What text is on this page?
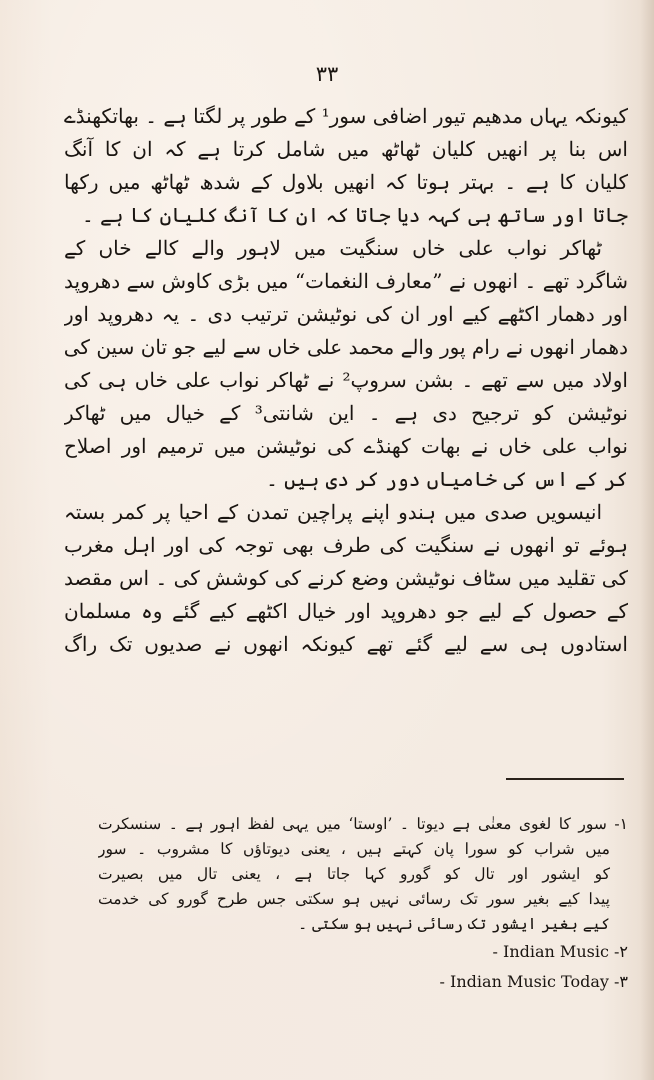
۳۳
کیونکہ یہاں مدھیم تیور اضافی سور¹ کے طور پر لگتا ہے ۔ بھاتکھنڈے
اس بنا پر انھیں کلیان ٹھاٹھ میں شامل کرتا ہے کہ ان کا آنگ
کلیان کا ہے ۔ بہتر ہوتا کہ انھیں بلاول کے شدھ ٹھاٹھ میں رکھا
جاتا اور ساتھ ہی کہہ دیا جاتا کہ ان کا آنگ کلیان کا ہے ۔
ٹھاکر نواب علی خاں سنگیت میں لاہور والے کالے خاں کے
شاگرد تھے ۔ انھوں نے ”معارف النغمات“ میں بڑی کاوش سے دھروپد
اور دھمار اکٹھے کیے اور ان کی نوٹیشن ترتیب دی ۔ یہ دھروپد اور
دھمار انھوں نے رام پور والے محمد علی خاں سے لیے جو تان سین کی
اولاد میں سے تھے ۔ بشن سروپ² نے ٹھاکر نواب علی خاں ہی کی
نوٹیشن کو ترجیح دی ہے ۔ این شانتی³ کے خیال میں ٹھاکر
نواب علی خاں نے بھات کھنڈے کی نوٹیشن میں ترمیم اور اصلاح
کر کے اس کی خامیاں دور کر دی ہیں ۔
انیسویں صدی میں ہندو اپنے پراچین تمدن کے احیا پر کمر بستہ
ہوئے تو انھوں نے سنگیت کی طرف بھی توجہ کی اور اہل مغرب
کی تقلید میں سٹاف نوٹیشن وضع کرنے کی کوشش کی ۔ اس مقصد
کے حصول کے لیے جو دھروپد اور خیال اکٹھے کیے گئے وہ مسلمان
استادوں ہی سے لیے گئے تھے کیونکہ انھوں نے صدیوں تک راگ
۱- سور کا لغوی معنٰی ہے دیوتا ۔ ’اوستا‘ میں یہی لفظ اہور ہے ۔ سنسکرت
میں شراب کو سورا پان کہتے ہیں ، یعنی دیوتاؤں کا مشروب ۔ سور
کو ایشور اور تال کو گورو کہا جاتا ہے ، یعنی تال میں بصیرت
پیدا کیے بغیر سور تک رسائی نہیں ہو سکتی جس طرح گورو کی خدمت
کیے بغیر ایشور تک رسائی نہیں ہو سکتی ۔
۲- Indian Music -
۳- Indian Music Today -
